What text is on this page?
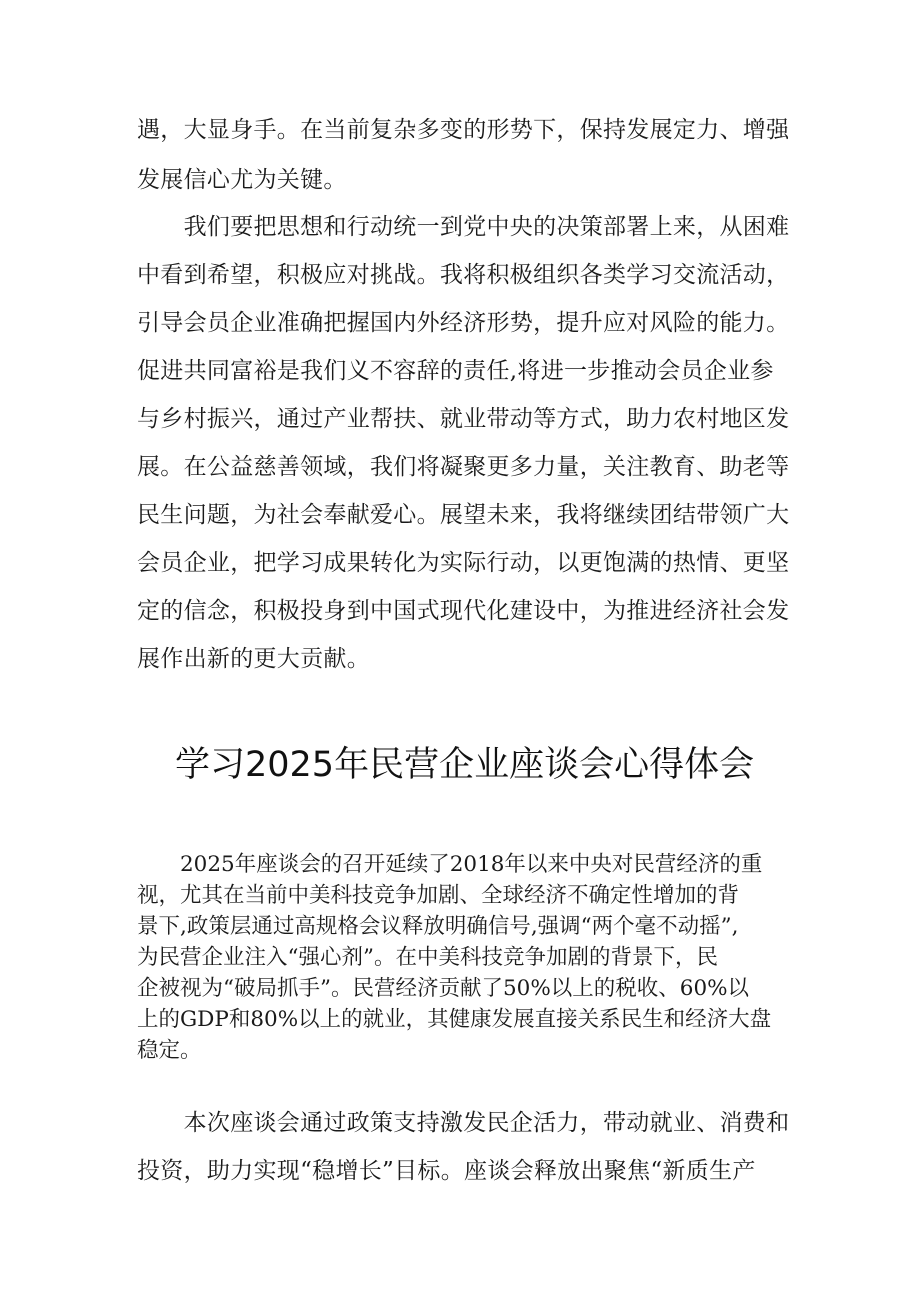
遇，大显身手。在当前复杂多变的形势下，保持发展定力、增强
发展信心尤为关键。
　　我们要把思想和行动统一到党中央的决策部署上来，从困难
中看到希望，积极应对挑战。我将积极组织各类学习交流活动，
引导会员企业准确把握国内外经济形势，提升应对风险的能力。
促进共同富裕是我们义不容辞的责任,将进一步推动会员企业参
与乡村振兴，通过产业帮扶、就业带动等方式，助力农村地区发
展。在公益慈善领域，我们将凝聚更多力量，关注教育、助老等
民生问题，为社会奉献爱心。展望未来，我将继续团结带领广大
会员企业，把学习成果转化为实际行动，以更饱满的热情、更坚
定的信念，积极投身到中国式现代化建设中，为推进经济社会发
展作出新的更大贡献。
学习2025年民营企业座谈会心得体会
　　2025年座谈会的召开延续了2018年以来中央对民营经济的重
视，尤其在当前中美科技竞争加剧、全球经济不确定性增加的背
景下,政策层通过高规格会议释放明确信号,强调“两个毫不动摇”,
为民营企业注入“强心剂”。在中美科技竞争加剧的背景下，民
企被视为“破局抓手”。民营经济贡献了50%以上的税收、60%以
上的GDP和80%以上的就业，其健康发展直接关系民生和经济大盘
稳定。
　　本次座谈会通过政策支持激发民企活力，带动就业、消费和
投资，助力实现“稳增长”目标。座谈会释放出聚焦“新质生产
